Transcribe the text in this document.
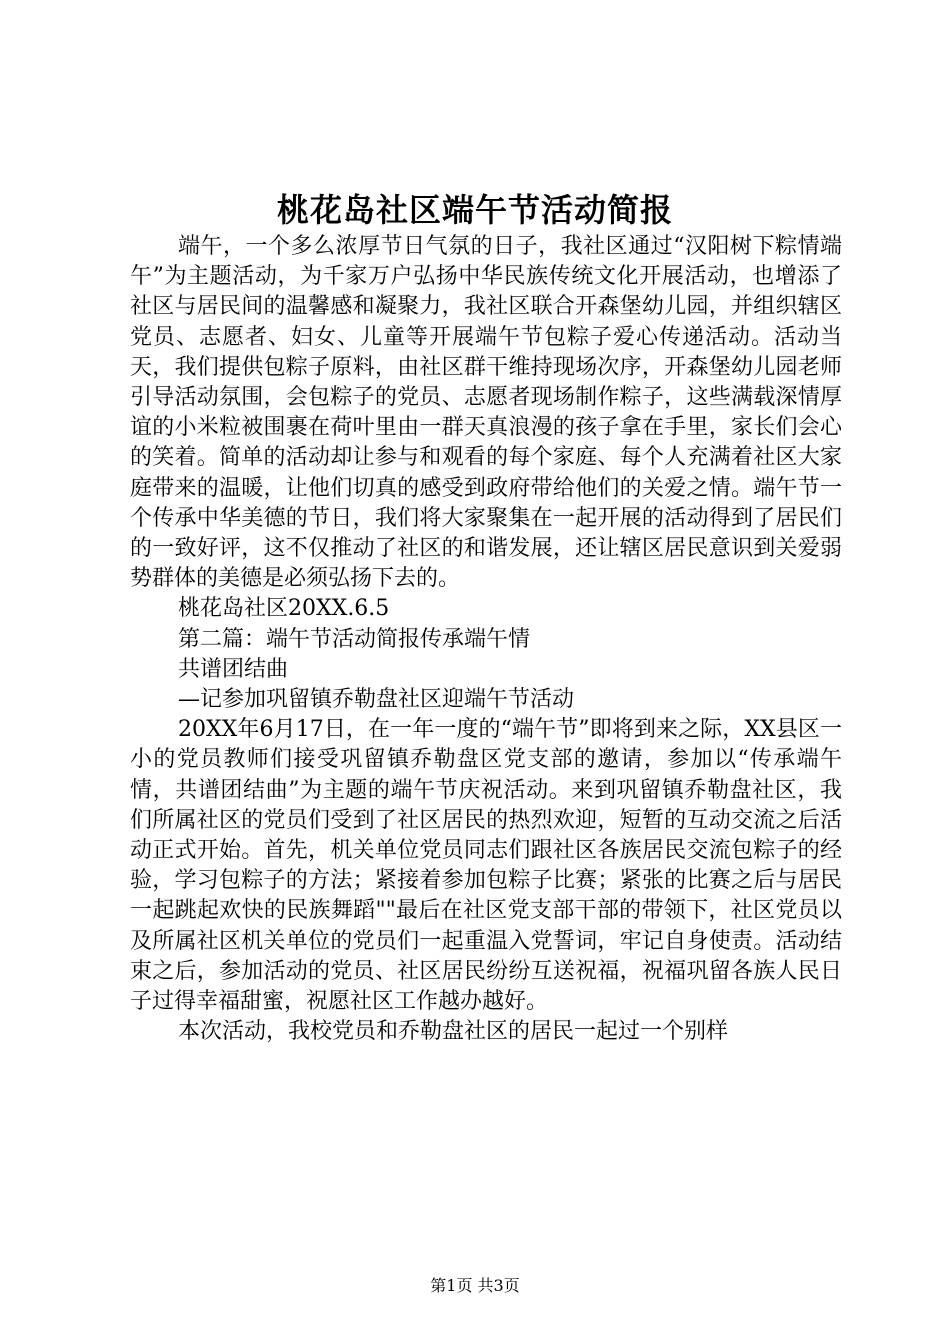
桃花岛社区端午节活动简报

端午，一个多么浓厚节日气氛的日子，我社区通过“汉阳树下粽情端午”为主题活动，为千家万户弘扬中华民族传统文化开展活动，也增添了社区与居民间的温馨感和凝聚力，我社区联合开森堡幼儿园，并组织辖区党员、志愿者、妇女、儿童等开展端午节包粽子爱心传递活动。活动当天，我们提供包粽子原料，由社区群干维持现场次序，开森堡幼儿园老师引导活动氛围，会包粽子的党员、志愿者现场制作粽子，这些满载深情厚谊的小米粒被围裹在荷叶里由一群天真浪漫的孩子拿在手里，家长们会心的笑着。简单的活动却让参与和观看的每个家庭、每个人充满着社区大家庭带来的温暖，让他们切真的感受到政府带给他们的关爱之情。端午节一个传承中华美德的节日，我们将大家聚集在一起开展的活动得到了居民们的一致好评，这不仅推动了社区的和谐发展，还让辖区居民意识到关爱弱势群体的美德是必须弘扬下去的。

桃花岛社区20XX.6.5

第二篇：端午节活动简报传承端午情

共谱团结曲

—记参加巩留镇乔勒盘社区迎端午节活动

20XX年6月17日，在一年一度的“端午节”即将到来之际，XX县区一小的党员教师们接受巩留镇乔勒盘区党支部的邀请，参加以“传承端午情，共谱团结曲”为主题的端午节庆祝活动。来到巩留镇乔勒盘社区，我们所属社区的党员们受到了社区居民的热烈欢迎，短暂的互动交流之后活动正式开始。首先，机关单位党员同志们跟社区各族居民交流包粽子的经验，学习包粽子的方法；紧接着参加包粽子比赛；紧张的比赛之后与居民一起跳起欢快的民族舞蹈""最后在社区党支部干部的带领下，社区党员以及所属社区机关单位的党员们一起重温入党誓词，牢记自身使责。活动结束之后，参加活动的党员、社区居民纷纷互送祝福，祝福巩留各族人民日子过得幸福甜蜜，祝愿社区工作越办越好。

本次活动，我校党员和乔勒盘社区的居民一起过一个别样

第1页 共3页
